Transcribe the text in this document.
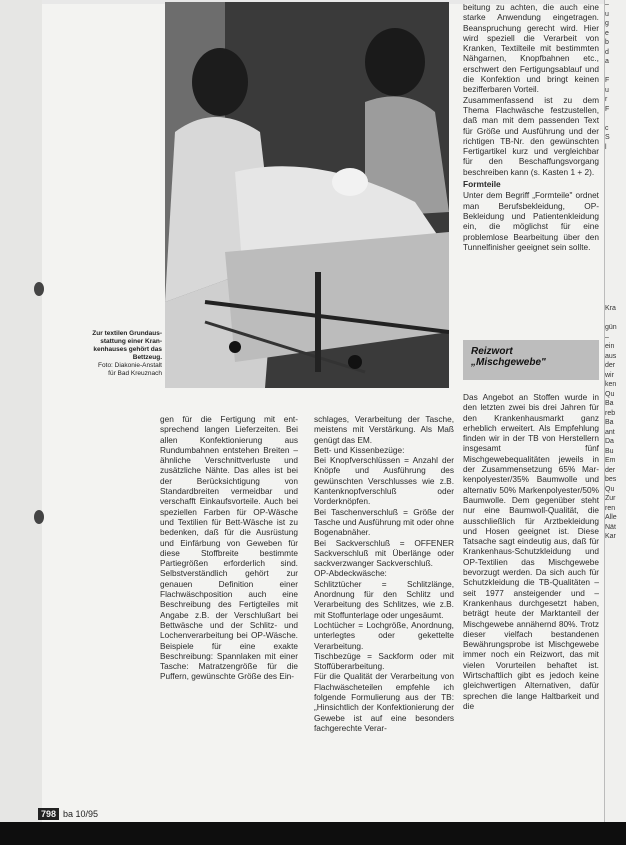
Zur textilen Grundaus-
stattung einer Kran-
kenhauses gehört das
Bettzeug.
Foto: Diakonie-Anstalt
für Bad Kreuznach

gen für die Fertigung mit ent-sprechend langen Lieferzeiten. Bei allen Konfektionierung aus Rundumbahnen entstehen Breiten – ähnliche Verschnittverluste und zusätzliche Nähte. Das alles ist bei der Berücksichtigung von Standardbreiten vermeidbar und verschafft Einkaufsvorteile. Auch bei speziellen Farben für OP-Wäsche und Textilien für Bett-Wäsche ist zu bedenken, daß für die Ausrüstung und Einfärbung von Geweben für diese Stoffbreite bestimmte Partiegrößen erforderlich sind. Selbstverständlich gehört zur genauen Definition einer Flachwäschposition auch eine Beschreibung des Fertigteiles mit Angabe z.B. der Verschlußart bei Bettwäsche und der Schlitz- und Lochenverarbeitung bei OP-Wäsche. Beispiele für eine exakte Beschreibung: Spannlaken mit einer Tasche: Matratzengröße für die Puffern, gewünschte Größe des Ein-

schlages, Verarbeitung der Tasche, meistens mit Verstärkung. Als Maß genügt das EM.

Bett- und Kissenbezüge:

Bei Knopfverschlüssen = Anzahl der Knöpfe und Ausführung des gewünschten Verschlusses wie z.B. Kantenknopfverschluß oder Vorderknöpfen.

Bei Taschenverschluß = Größe der Tasche und Ausführung mit oder ohne Bogenabnäher.

Bei Sackverschluß = OFFENER Sackverschluß mit Überlänge oder sackverzwanger Sackverschluß.

OP-Abdeckwäsche:

Schlitztücher = Schlitzlänge, Anordnung für den Schlitz und Verarbeitung des Schlitzes, wie z.B. mit Stoffunterlage oder ungesäumt.

Lochtücher = Lochgröße, Anordnung, unterlegtes oder gekettelte Verarbeitung.

Tischbezüge = Sackform oder mit Stoffüberarbeitung.

Für die Qualität der Verarbeitung von Flachwäscheteilen empfehle ich folgende Formulierung aus der TB: „Hinsichtlich der Konfektionierung der Gewebe ist auf eine besonders fachgerechte Verar-

beitung zu achten, die auch eine starke Anwendung eingetragen. Beanspruchung gerecht wird. Hier wird speziell die Verarbeit von Kranken, Textilteile mit bestimmten Nähgarnen, Knopfbahnen etc., erschwert den Fertigungsablauf und die Konfektion und bringt keinen bezifferbaren Vorteil.

Zusammenfassend ist zu dem Thema Flachwäsche festzustellen, daß man mit dem passenden Text für Größe und Ausführung und der richtigen TB-Nr. den gewünschten Fertigartikel kurz und vergleichbar für den Beschaffungsvorgang beschreiben kann (s. Kasten 1 + 2).

Formteile

Unter dem Begriff „Formteile" ordnet man Berufsbekleidung, OP-Bekleidung und Patientenkleidung ein, die möglichst für eine problemlose Bearbeitung über den Tunnelfinisher geeignet sein sollte.

Reizwort
„Mischgewebe"

Das Angebot an Stoffen wurde in den letzten zwei bis drei Jahren für den Krankenhausmarkt ganz erheblich erweitert. Als Empfehlung finden wir in der TB von Herstellern insgesamt fünf Mischgewebequalitäten jeweils in der Zusammensetzung 65% Mar-kenpolyester/35% Baumwolle und alternativ 50% Markenpolyester/50% Baumwolle. Dem gegenüber steht nur eine Baumwoll-Qualität, die ausschließlich für Arztbekleidung und Hosen geeignet ist. Diese Tatsache sagt eindeutig aus, daß für Krankenhaus-Schutzkleidung und OP-Textilien das Mischgewebe bevorzugt werden. Da sich auch für Schutzkleidung die TB-Qualitäten – seit 1977 ansteigender und – Krankenhaus durchgesetzt haben, beträgt heute der Marktanteil der Mischgewebe annähernd 80%. Trotz dieser vielfach bestandenen Bewährungsprobe ist Mischgewebe immer noch ein Reizwort, das mit vielen Vorurteilen behaftet ist. Wirtschaftlich gibt es jedoch keine gleichwertigen Alternativen, dafür sprechen die lange Haltbarkeit und die

–
u
g
e
b
d
a

F
u
r
F

c
S
l

Kra

gün
–
ein
aus
der
wir
ken
Qu
Ba
reb
Ba
ant
Da
Bu
Em
der
bes
Qu
Zur
ren
Alle
Nät
Kar
798 ba 10/95
